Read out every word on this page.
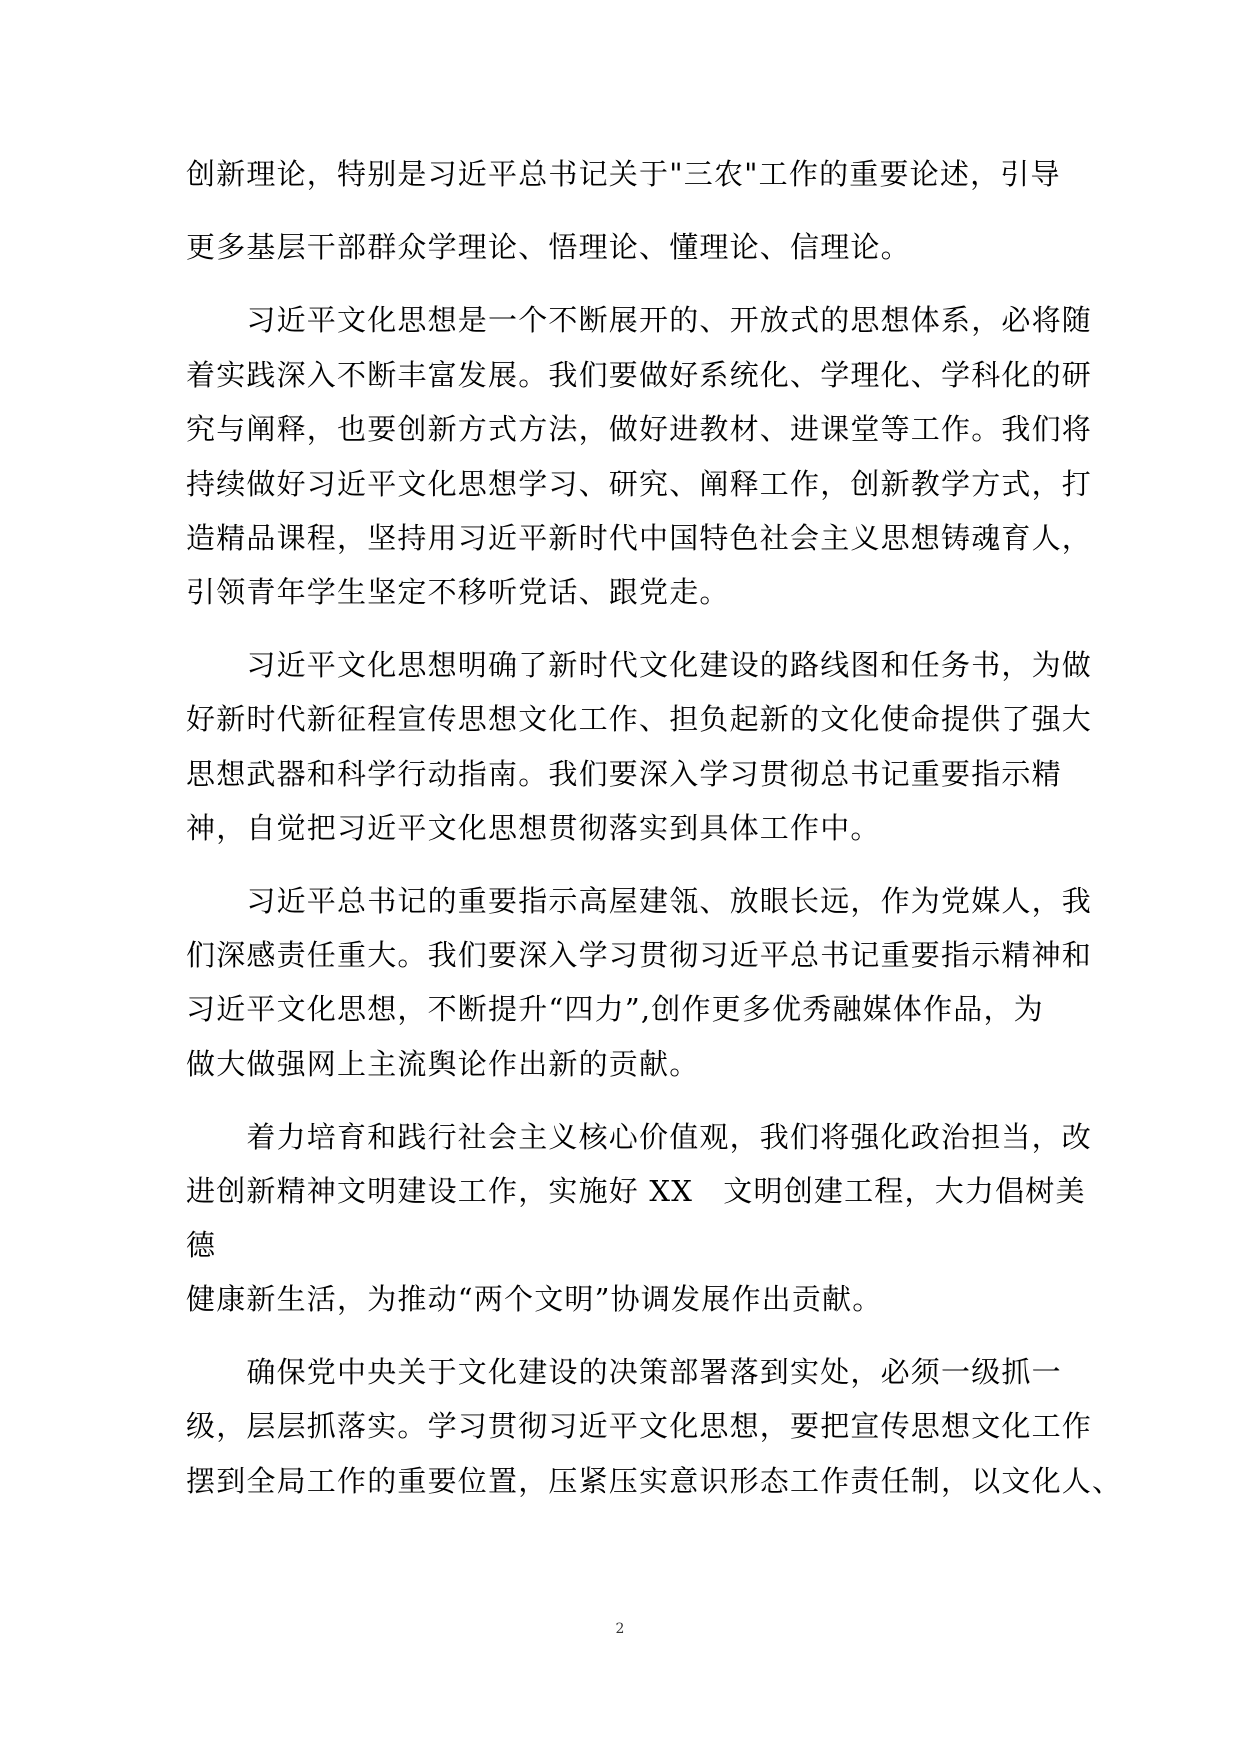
创新理论，特别是习近平总书记关于"三农"工作的重要论述，引导
更多基层干部群众学理论、悟理论、懂理论、信理论。
　　习近平文化思想是一个不断展开的、开放式的思想体系，必将随
着实践深入不断丰富发展。我们要做好系统化、学理化、学科化的研
究与阐释，也要创新方式方法，做好进教材、进课堂等工作。我们将
持续做好习近平文化思想学习、研究、阐释工作，创新教学方式，打
造精品课程，坚持用习近平新时代中国特色社会主义思想铸魂育人，
引领青年学生坚定不移听党话、跟党走。
　　习近平文化思想明确了新时代文化建设的路线图和任务书，为做
好新时代新征程宣传思想文化工作、担负起新的文化使命提供了强大
思想武器和科学行动指南。我们要深入学习贯彻总书记重要指示精
神，自觉把习近平文化思想贯彻落实到具体工作中。
　　习近平总书记的重要指示高屋建瓴、放眼长远，作为党媒人，我
们深感责任重大。我们要深入学习贯彻习近平总书记重要指示精神和
习近平文化思想，不断提升“四力”,创作更多优秀融媒体作品，为
做大做强网上主流舆论作出新的贡献。
　　着力培育和践行社会主义核心价值观，我们将强化政治担当，改
进创新精神文明建设工作，实施好 XX　文明创建工程，大力倡树美
德
健康新生活，为推动“两个文明”协调发展作出贡献。
　　确保党中央关于文化建设的决策部署落到实处，必须一级抓一
级，层层抓落实。学习贯彻习近平文化思想，要把宣传思想文化工作
摆到全局工作的重要位置，压紧压实意识形态工作责任制，以文化人、
2
